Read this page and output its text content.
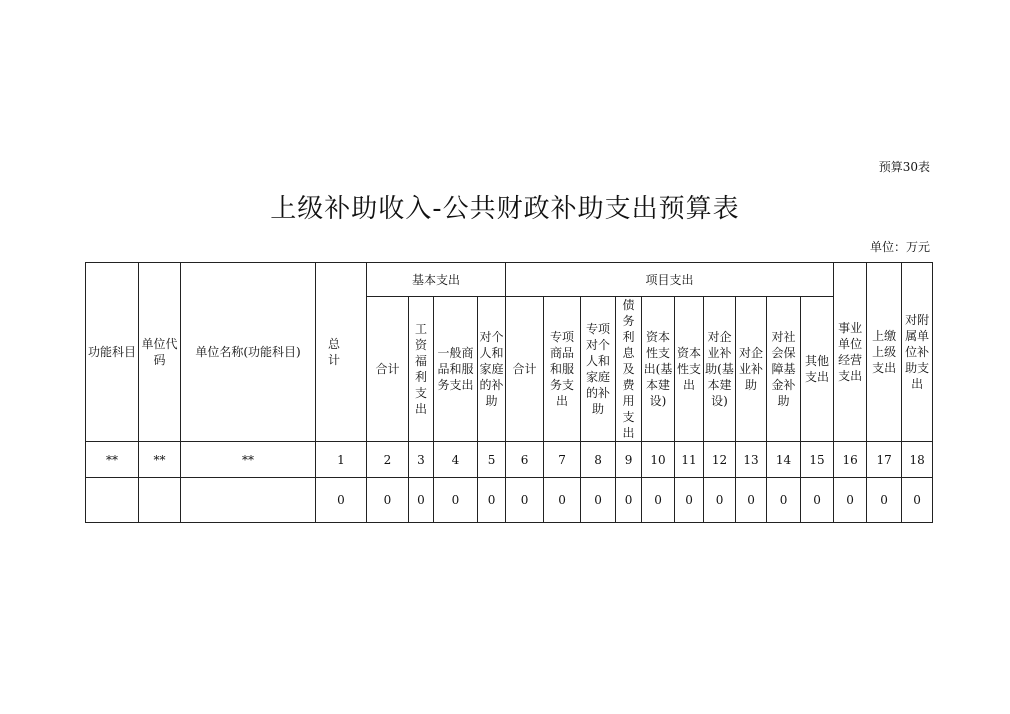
预算30表
上级补助收入-公共财政补助支出预算表
单位：万元
功能科目	单位代码	单位名称(功能科目)	总 计	基本支出				项目支出										事业单位经营支出	上缴上级支出	对附属单位补助支出
				合计	工资福利支出	一般商品和服务支出	对个人和家庭的补助	合计	专项商品和服务支出	专项对个人和家庭的补助	债务利息及费用支出	资本性支出(基本建设)	资本性支出	对企业补助(基本建设)	对企业补助	对社会保障基金补助	其他支出			
**	**	**	1	2	3	4	5	6	7	8	9	10	11	12	13	14	15	16	17	18
			0	0	0	0	0	0	0	0	0	0	0	0	0	0	0	0	0	0
